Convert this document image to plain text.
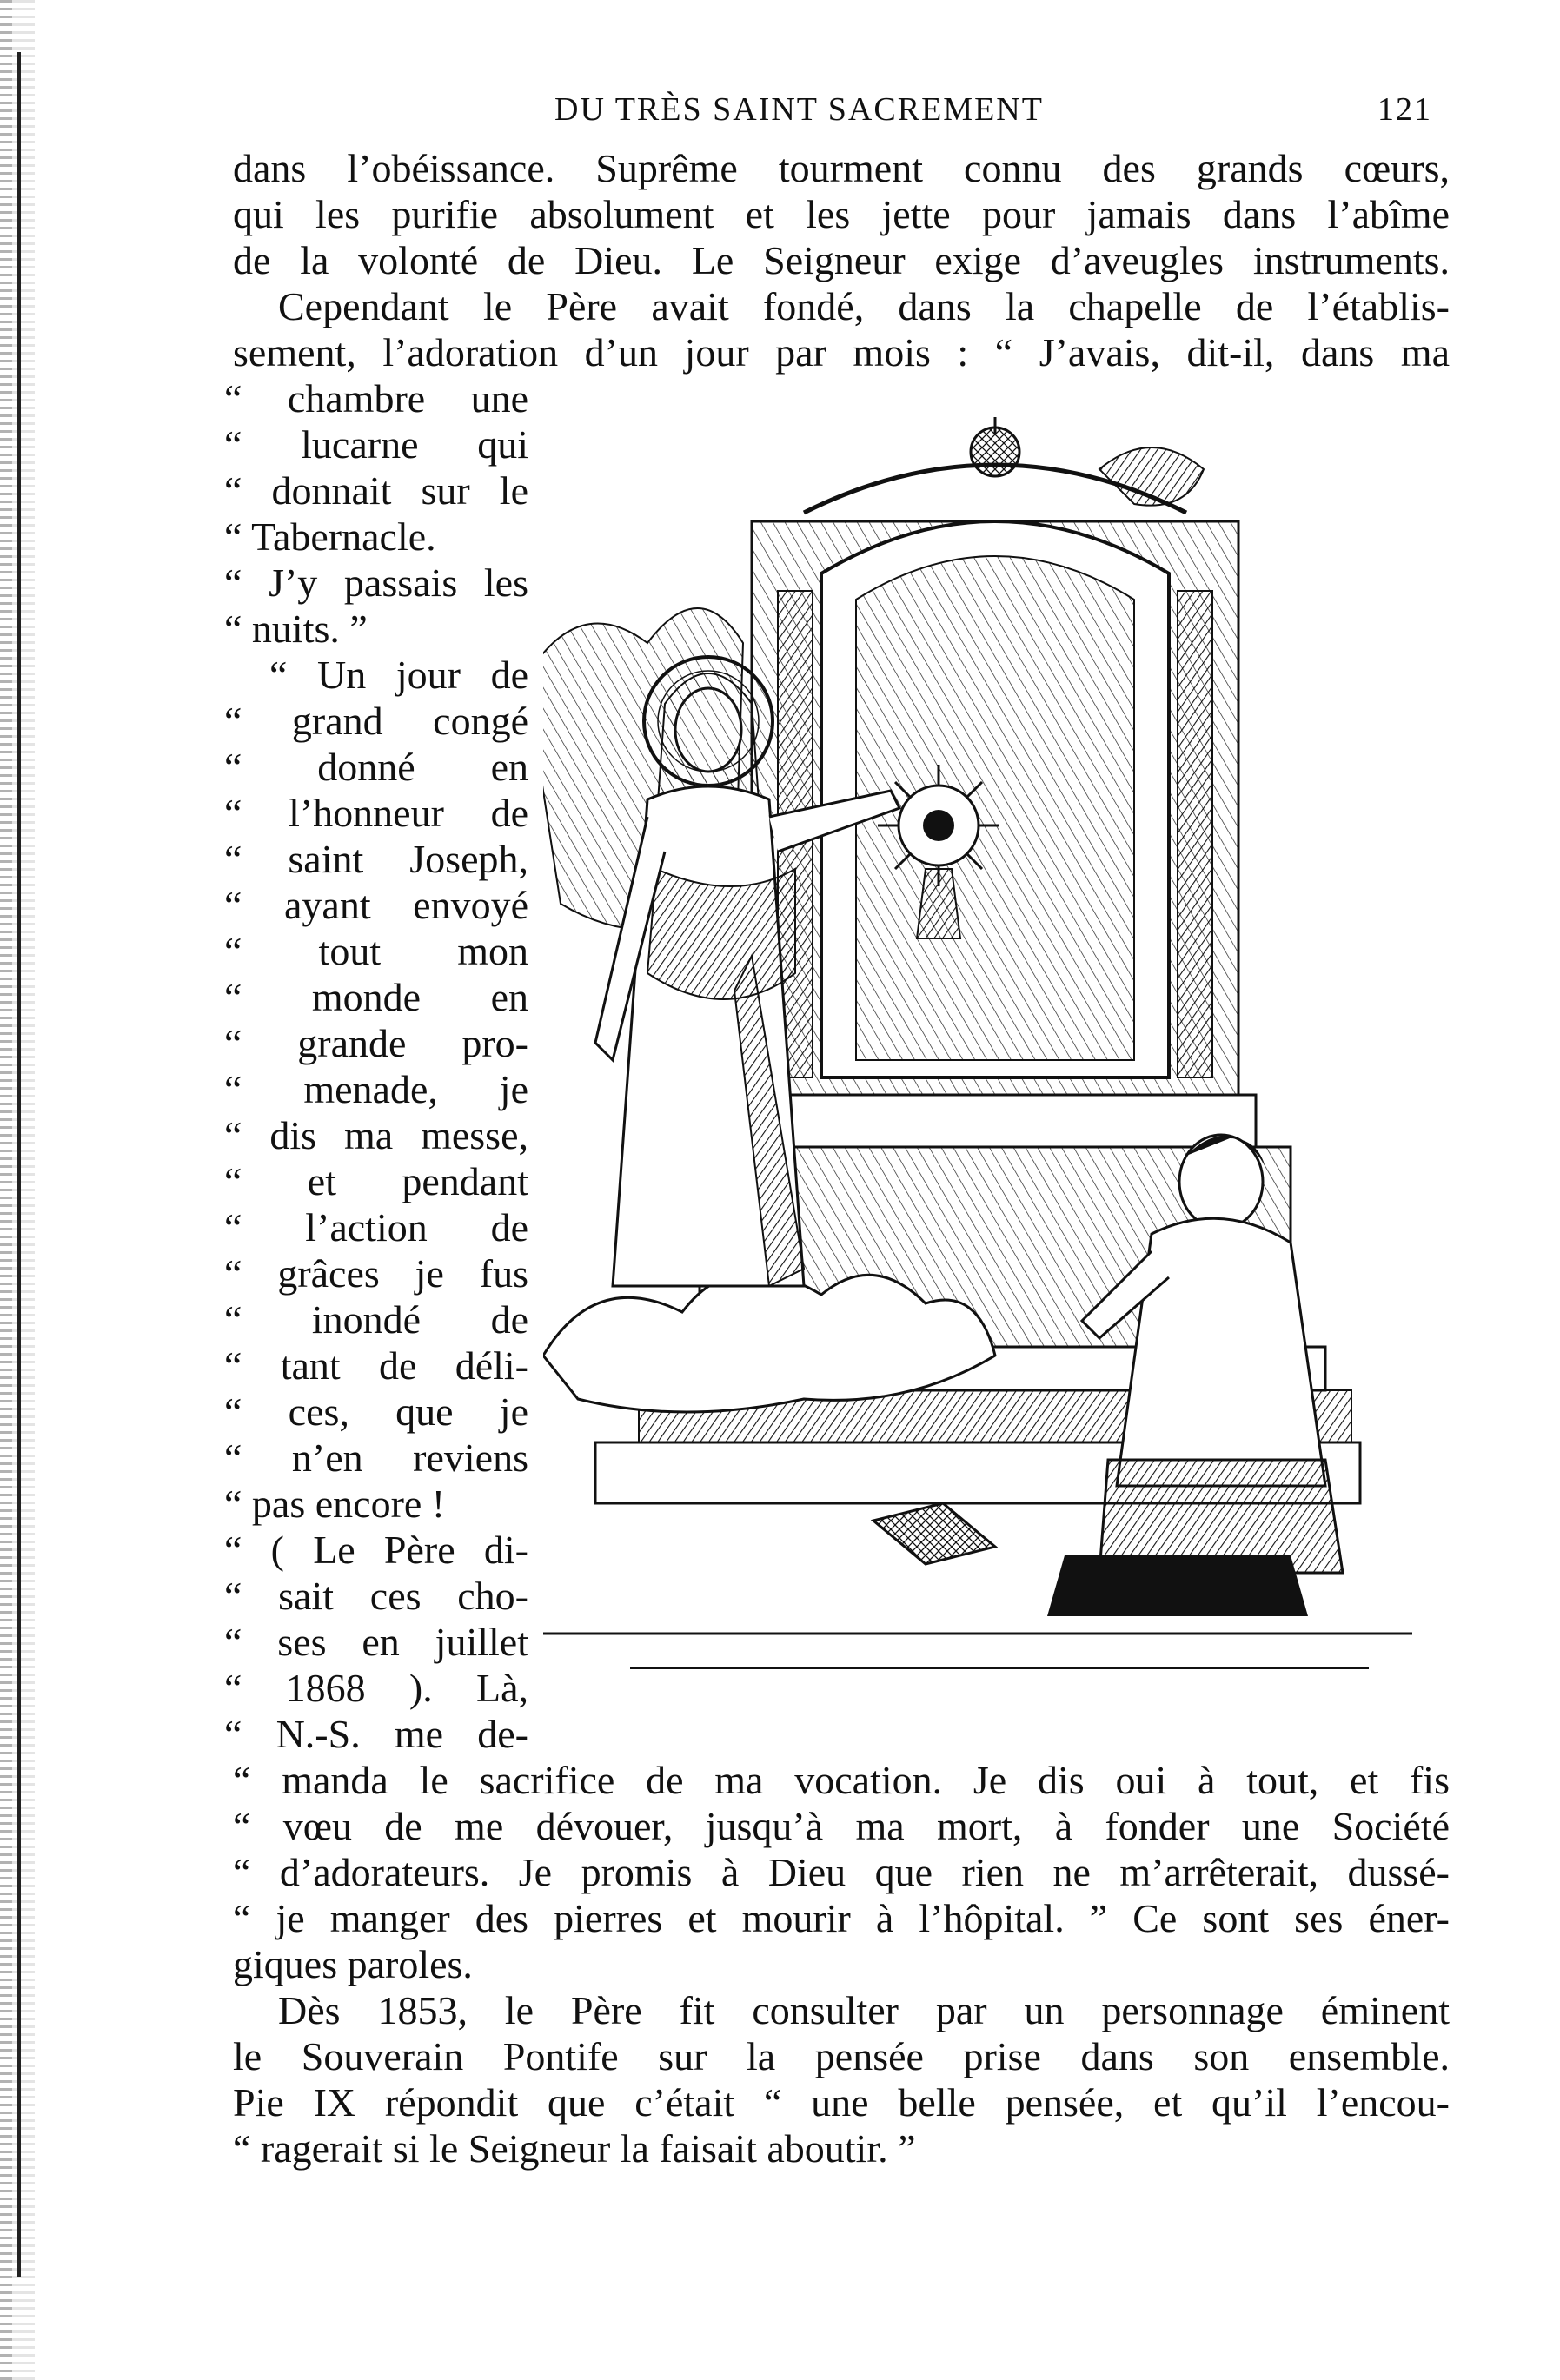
DU TRÈS SAINT SACREMENT	121
dans l’obéissance. Suprême tourment connu des grands cœurs,
qui les purifie absolument et les jette pour jamais dans l’abîme
de la volonté de Dieu. Le Seigneur exige d’aveugles instruments.
Cependant le Père avait fondé, dans la chapelle de l’établis-
sement, l’adoration d’un jour par mois : “ J’avais, dit-il, dans ma
“ chambre une
“ lucarne qui
“ donnait sur le
“ Tabernacle.
“ J’y passais les
“ nuits. ”
“ Un jour de
“ grand congé
“ donné en
“ l’honneur de
“ saint Joseph,
“ ayant envoyé
“ tout mon
“ monde en
“ grande pro-
“ menade, je
“ dis ma messe,
“ et pendant
“ l’action de
“ grâces je fus
“ inondé de
“ tant de déli-
“ ces, que je
“ n’en reviens
“ pas encore !
“ ( Le Père di-
“ sait ces cho-
“ ses en juillet
“ 1868 ). Là,
“ N.-S. me de-
“ manda le sacrifice de ma vocation. Je dis oui à tout, et fis
“ vœu de me dévouer, jusqu’à ma mort, à fonder une Société
“ d’adorateurs. Je promis à Dieu que rien ne m’arrêterait, dussé-
“ je manger des pierres et mourir à l’hôpital. ” Ce sont ses éner-
giques paroles.
Dès 1853, le Père fit consulter par un personnage éminent
le Souverain Pontife sur la pensée prise dans son ensemble.
Pie IX répondit que c’était “ une belle pensée, et qu’il l’encou-
“ ragerait si le Seigneur la faisait aboutir. ”
